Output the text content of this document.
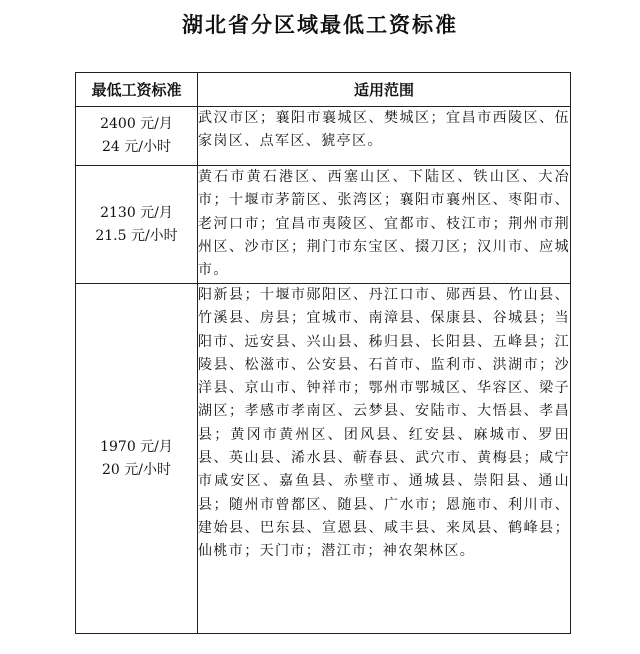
湖北省分区域最低工资标准
最低工资标准	适用范围

2400 元/月
24 元/小时	武汉市区；襄阳市襄城区、樊城区；宜昌市西陵区、伍家岗区、点军区、猇亭区。

2130 元/月
21.5 元/小时	黄石市黄石港区、西塞山区、下陆区、铁山区、大冶市；十堰市茅箭区、张湾区；襄阳市襄州区、枣阳市、老河口市；宜昌市夷陵区、宜都市、枝江市；荆州市荆州区、沙市区；荆门市东宝区、掇刀区；汉川市、应城市。

1970 元/月
20 元/小时	阳新县；十堰市郧阳区、丹江口市、郧西县、竹山县、竹溪县、房县；宜城市、南漳县、保康县、谷城县；当阳市、远安县、兴山县、秭归县、长阳县、五峰县；江陵县、松滋市、公安县、石首市、监利市、洪湖市；沙洋县、京山市、钟祥市；鄂州市鄂城区、华容区、梁子湖区；孝感市孝南区、云梦县、安陆市、大悟县、孝昌县；黄冈市黄州区、团风县、红安县、麻城市、罗田县、英山县、浠水县、蕲春县、武穴市、黄梅县；咸宁市咸安区、嘉鱼县、赤壁市、通城县、崇阳县、通山县；随州市曾都区、随县、广水市；恩施市、利川市、建始县、巴东县、宣恩县、咸丰县、来凤县、鹤峰县；仙桃市；天门市；潜江市；神农架林区。
